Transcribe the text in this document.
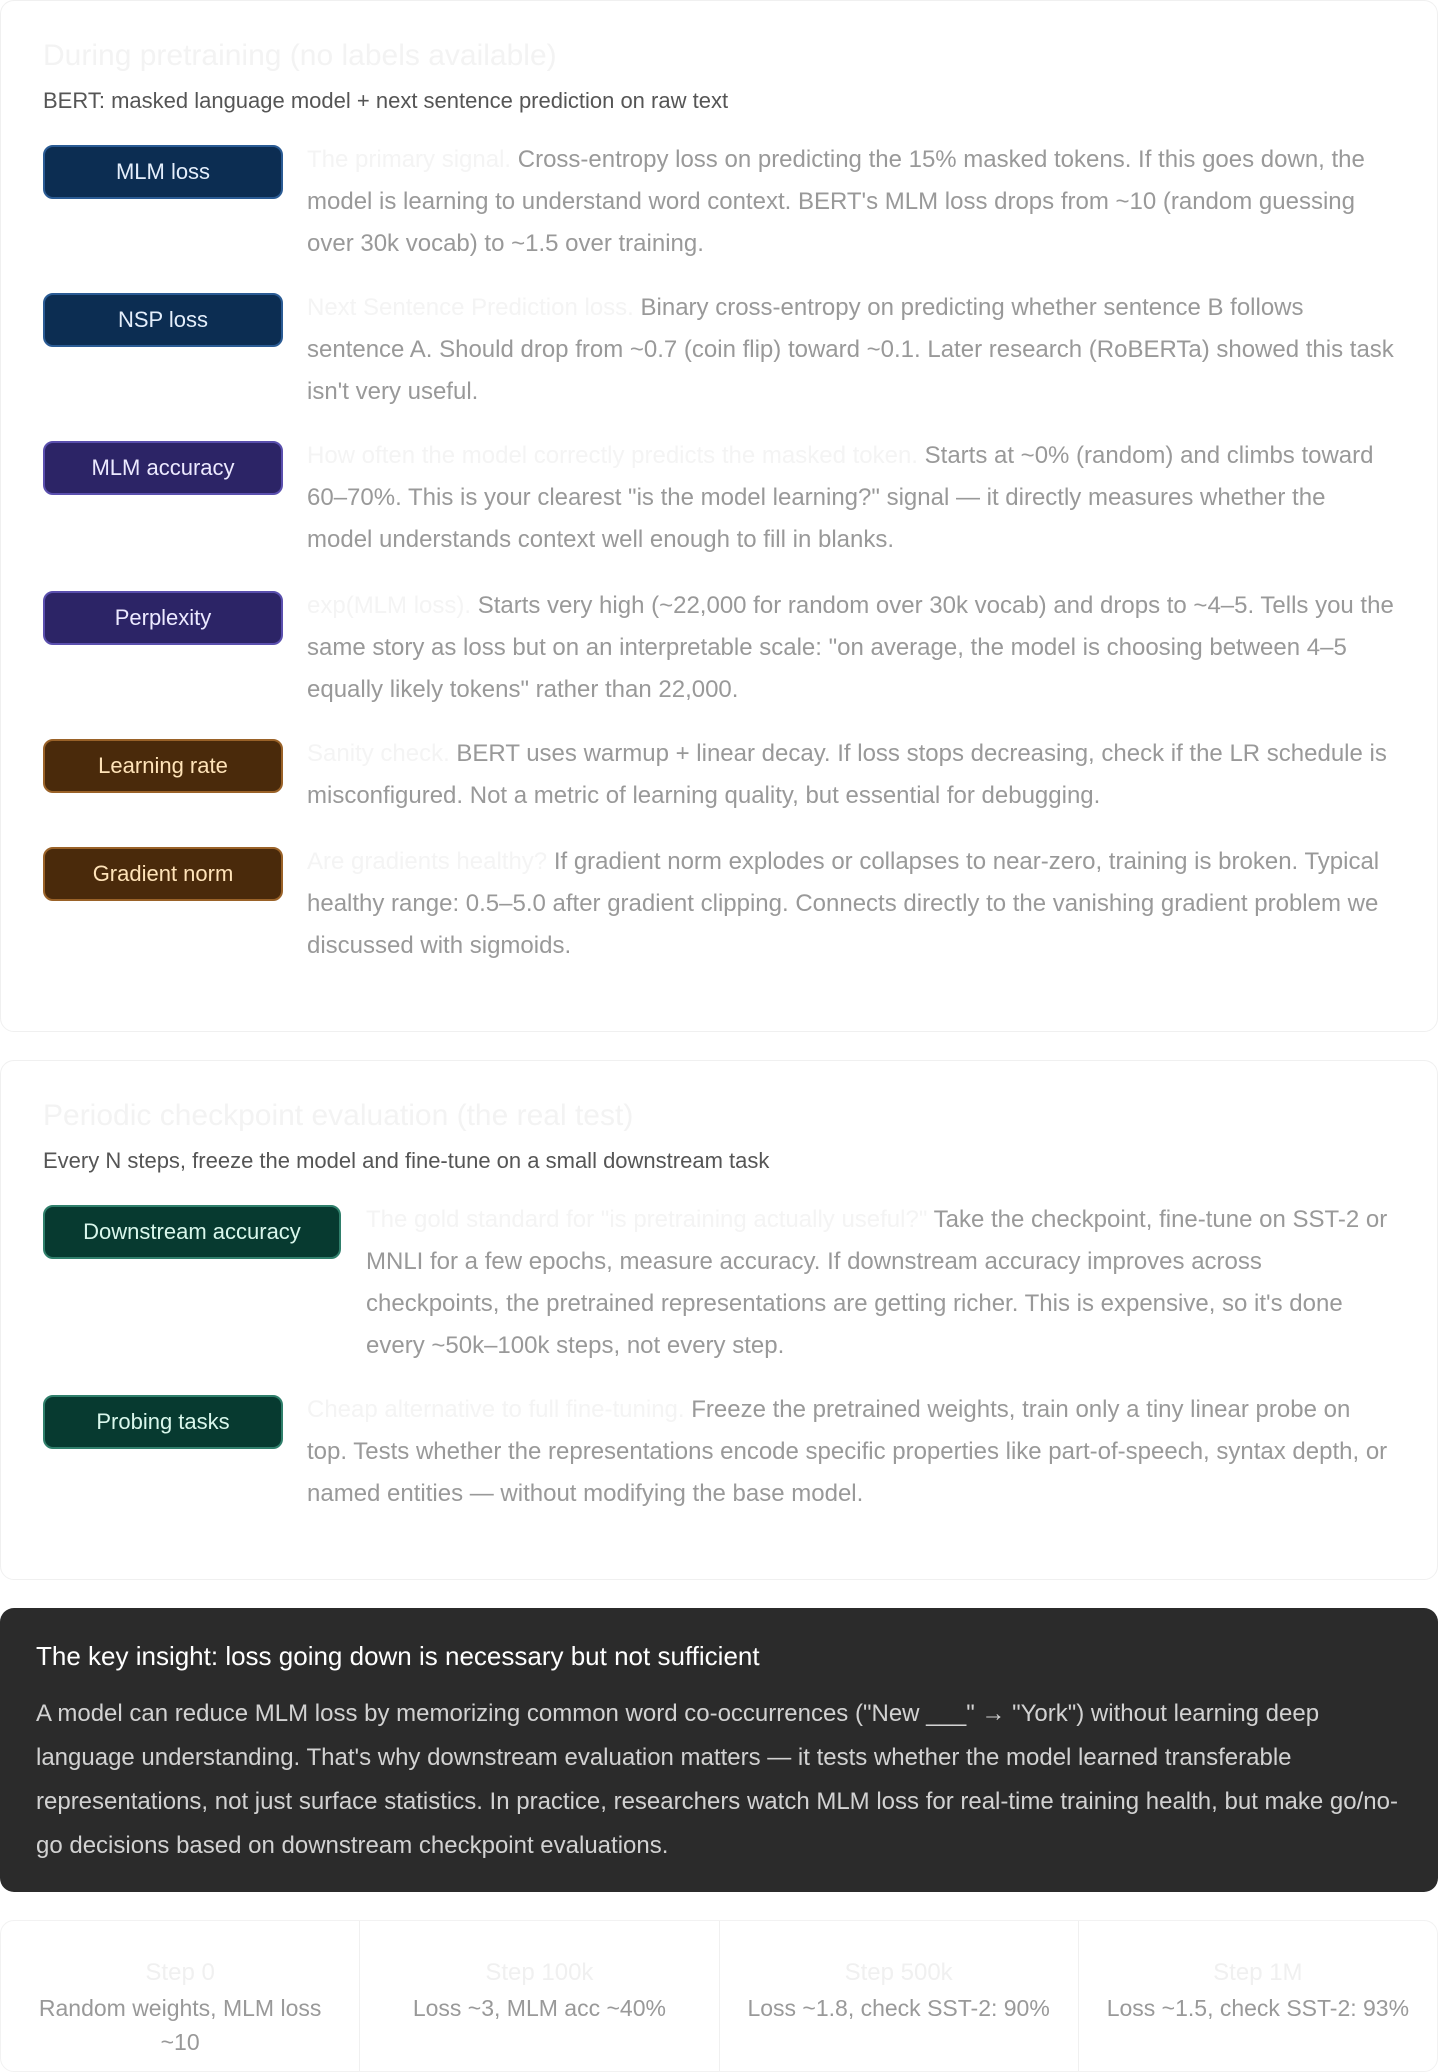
During pretraining (no labels available)
BERT: masked language model + next sentence prediction on raw text
MLM loss	The primary signal. Cross-entropy loss on predicting the 15% masked tokens. If this goes down, the model is learning to understand word context. BERT's MLM loss drops from ~10 (random guessing over 30k vocab) to ~1.5 over training.
NSP loss	Next Sentence Prediction loss. Binary cross-entropy on predicting whether sentence B follows sentence A. Should drop from ~0.7 (coin flip) toward ~0.1. Later research (RoBERTa) showed this task isn't very useful.
MLM accuracy	How often the model correctly predicts the masked token. Starts at ~0% (random) and climbs toward 60–70%. This is your clearest "is the model learning?" signal — it directly measures whether the model understands context well enough to fill in blanks.
Perplexity	exp(MLM loss). Starts very high (~22,000 for random over 30k vocab) and drops to ~4–5. Tells you the same story as loss but on an interpretable scale: "on average, the model is choosing between 4–5 equally likely tokens" rather than 22,000.
Learning rate	Sanity check. BERT uses warmup + linear decay. If loss stops decreasing, check if the LR schedule is misconfigured. Not a metric of learning quality, but essential for debugging.
Gradient norm	Are gradients healthy? If gradient norm explodes or collapses to near-zero, training is broken. Typical healthy range: 0.5–5.0 after gradient clipping. Connects directly to the vanishing gradient problem we discussed with sigmoids.
Periodic checkpoint evaluation (the real test)
Every N steps, freeze the model and fine-tune on a small downstream task
Downstream accuracy	The gold standard for "is pretraining actually useful?" Take the checkpoint, fine-tune on SST-2 or MNLI for a few epochs, measure accuracy. If downstream accuracy improves across checkpoints, the pretrained representations are getting richer. This is expensive, so it's done every ~50k–100k steps, not every step.
Probing tasks	Cheap alternative to full fine-tuning. Freeze the pretrained weights, train only a tiny linear probe on top. Tests whether the representations encode specific properties like part-of-speech, syntax depth, or named entities — without modifying the base model.
The key insight: loss going down is necessary but not sufficient
A model can reduce MLM loss by memorizing common word co-occurrences ("New ___" → "York") without learning deep language understanding. That's why downstream evaluation matters — it tests whether the model learned transferable representations, not just surface statistics. In practice, researchers watch MLM loss for real-time training health, but make go/no-go decisions based on downstream checkpoint evaluations.
Step 0
Random weights, MLM loss ~10
Step 100k
Loss ~3, MLM acc ~40%
Step 500k
Loss ~1.8, check SST-2: 90%
Step 1M
Loss ~1.5, check SST-2: 93%
